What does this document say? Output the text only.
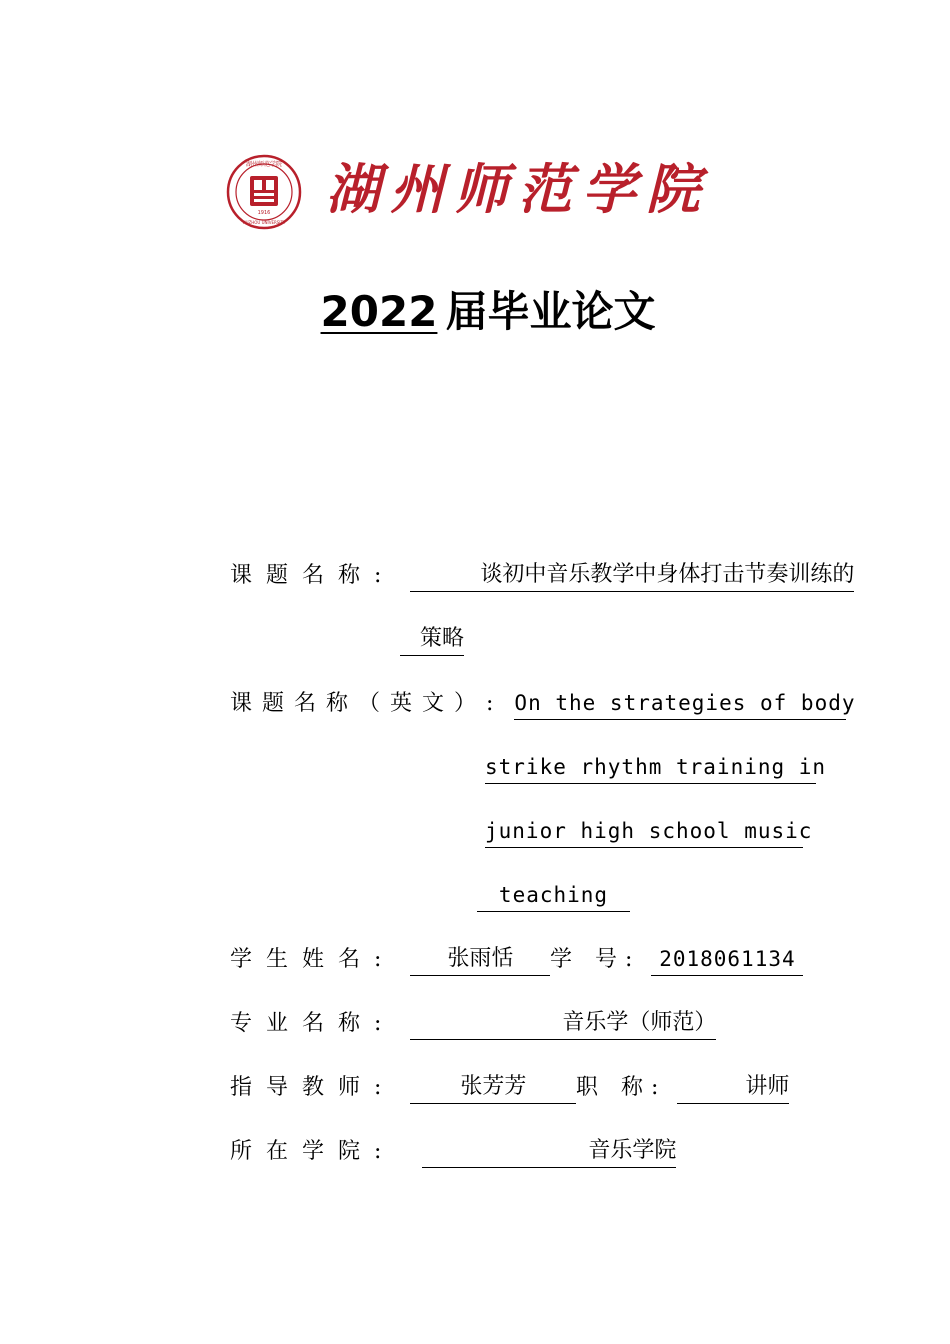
1916
湖州师范学院
HUZHOU UNIVERSITY
湖州师范学院
2022 届毕业论文
课题名称:	谈初中音乐教学中身体打击节奏训练的
策略
课题名称（英文）: On the strategies of body
strike rhythm training in
junior high school music
teaching
学生姓名: 张雨恬	学 号: 2018061134
专业名称:	音乐学（师范）
指导教师:	张芳芳	职 称:	讲师
所在学院:	音乐学院
